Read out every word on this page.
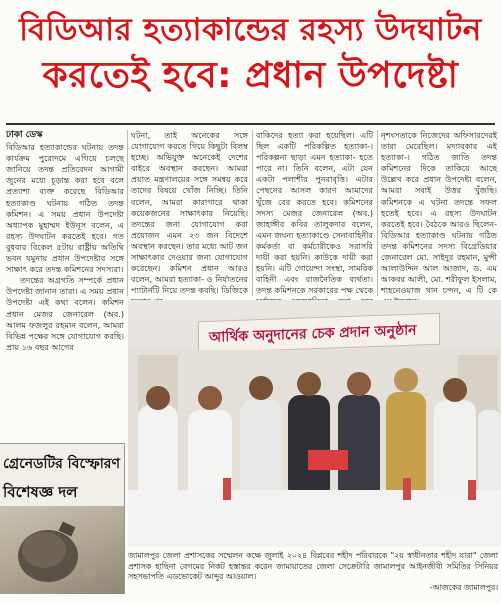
বিডিআর হত্যাকান্ডের রহস্য উদঘাটন
করতেই হবে: প্রধান উপদেষ্টা
ঢাকা ডেস্ক

বিডিআর হত্যাকান্ডের ঘটনায় তদন্ত কার্যক্রম পুরোদমে এগিয়ে চলছে জানিয়ে তদন্ত প্রতিবেদন আগামী জুনের মধ্যে চূড়ান্ত করা হবে বলে প্রত্যাশা ব্যক্ত করেছে বিডিআর হত্যাকাণ্ড ঘটনায় গঠিত তদন্ত কমিশন। এ সময় প্রধান উপদেষ্টা অধ্যাপক মুহাম্মদ ইউনূস বলেন, এ রহস্য উদঘাটন করতেই হবে। গত বুধবার বিকেল ৫টায় রাষ্ট্রীয় অতিথি ভবন যমুনায় প্রধান উপদেষ্টার সঙ্গে সাক্ষাৎ করে তদন্ত কমিশনের সদস্যরা।

তদন্তের অগ্রগতি সম্পর্কে প্রধান উপদেষ্টা জানান তারা। এ সময় প্রধান উপদেষ্টা এই কথা বলেন। কমিশন প্রধান মেজর জেনারেল (অব.) আলম ফজলুর রহমান বলেন, আমরা বিভিন্ন পক্ষের সঙ্গে যোগাযোগ করছি। প্রায় ১৬ বছর আগের

ঘটনা, তাই অনেকের সঙ্গে যোগাযোগ করতে গিয়ে কিছুটা বিলম্ব হচ্ছে। অভিযুক্ত অনেকেই দেশের বাইরে অবস্থান করছেন। আমরা প্রয়াত মন্ত্রণালয়ের সঙ্গে সমন্বয় করে তাদের বিষয়ে খোঁজ নিচ্ছি। তিনি বলেন, আমরা কারাগারে থাকা কয়েকজনের সাক্ষাৎকার নিয়েছি। তদন্তের জন্য যোগাযোগ করা প্রয়োজন এমন ২৩ জন বিদেশে অবস্থান করছেন। তার মধ্যে আট জন সাক্ষাৎকার দেওয়ার জন্য যোগাযোগ করেছেন। কমিশন প্রধান আরও বলেন, আমরা হত্যাকা- ও নির্যাতনের প্যাটার্নটি নিয়ে তদন্ত করছি। ডিজিকে

বাকিদের হত্যা করা হয়েছিল। এটি ছিল একটি পরিকল্পিত হত্যাকা-। পরিকল্পনা ছাড়া এমন হত্যাকা- হতে পারে না। তিনি বলেন, এটা যেন একটা পলাশীর পুনরাবৃত্তি। এটার পেছনের আসল কারণ আমাদের খুঁজে বের করতে হবে। কমিশনের সদস্য মেজর জেনারেল (অব.) জাহাঙ্গীর কবির তালুকদার বলেন, এমন জঘন্য হত্যাকাণ্ডে সেনাবাহিনীর কর্মকর্তা বা কর্মচারীকেও সরাসরি দায়ী করা হয়নি। কাউকে দায়ী করা হয়নি। এটি গোয়েন্দা সংস্থা, সামরিক বাহিনী এবং রাজনৈতিক ব্যর্থতা। তদন্ত কমিশনকে সরকারের পক্ষ থেকে

নৃশংসতাকে নিজেদের অফিসারদেরই তারা মেরেছিল। মদ্যাবকার এই হত্যাকা-। গঠিত জাতি তদন্ত কমিশনের দিকে তাকিয়ে আছে উল্লেখ করে প্রধান উপদেষ্টা বলেন, আমরা সবাই উত্তর খুঁজছি। কমিশনকে এ ঘটনা তদন্তে সফল হতেই হবে। এ রহস্য উদঘাটন করতেই হবে। বৈঠকে আরও ছিলেন- বিডিআর হত্যাকাণ্ড ঘটনায় গঠিত তদন্ত কমিশনের সদস্য বিগ্রেডিয়ার জেনারেল মো. সাইদুর রহমান, মুন্সী আলাউদ্দিন আল আজাদ, ড. এম আকবর আলী, মো. শরীফুল ইসলাম, শাহনেওয়াজ খান চন্দন, এ টি কে

গ্রেনেডটির বিস্ফোরণ
বিশেষজ্ঞ দল
আর্থিক অনুদানের চেক প্রদান অনুষ্ঠান
জামালপুর জেলা প্রশাসকের সম্মেলন কক্ষে জুলাই ২০২৪ বিপ্লবের শহীদ পরিবারকে "২য় স্বাধীনতার শহীদ যারা" জেলা প্রশাসক হাছিনা বেগমের নিকট হস্তান্তর করেন জামায়াতের জেলা সেক্রেটারি জামালপুর আইনজীবী সমিতির সিনিয়র সহসভাপতি এডভোকেট আব্দুর আওয়াল।
-আজকের জামালপুর।
